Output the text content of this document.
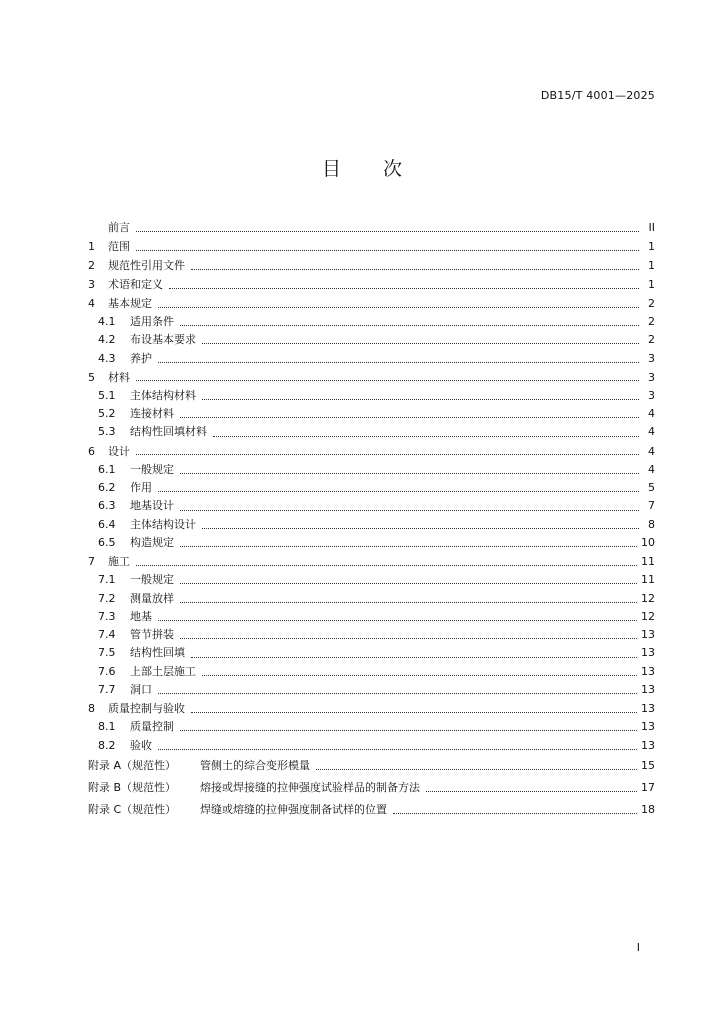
DB15/T 4001—2025
目 次
前言	II
1	范围	1
2	规范性引用文件	1
3	术语和定义	1
4	基本规定	2
4.1	适用条件	2
4.2	布设基本要求	2
4.3	养护	3
5	材料	3
5.1	主体结构材料	3
5.2	连接材料	4
5.3	结构性回填材料	4
6	设计	4
6.1	一般规定	4
6.2	作用	5
6.3	地基设计	7
6.4	主体结构设计	8
6.5	构造规定	10
7	施工	11
7.1	一般规定	11
7.2	测量放样	12
7.3	地基	12
7.4	管节拼装	13
7.5	结构性回填	13
7.6	上部土层施工	13
7.7	洞口	13
8	质量控制与验收	13
8.1	质量控制	13
8.2	验收	13
附录 A（规范性）	管侧土的综合变形模量	15
附录 B（规范性）	熔接或焊接缝的拉伸强度试验样品的制备方法	17
附录 C（规范性）	焊缝或熔缝的拉伸强度制备试样的位置	18
I
